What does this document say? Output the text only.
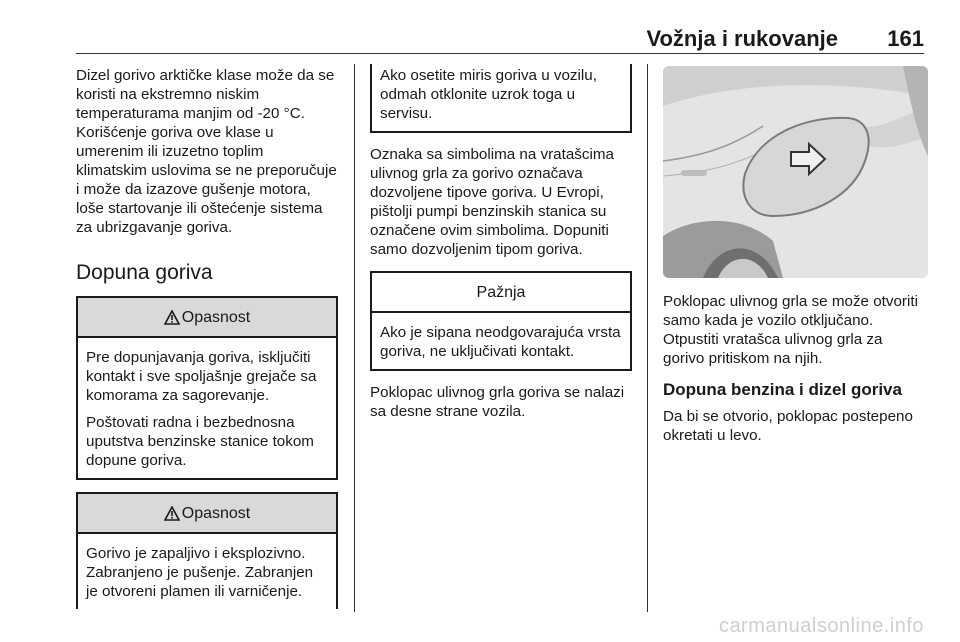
Vožnja i rukovanje 161

Dizel gorivo arktičke klase može da se koristi na ekstremno niskim temperaturama manjim od -20 °C. Korišćenje goriva ove klase u umerenim ili izuzetno toplim klimatskim uslovima se ne preporučuje i može da izazove gušenje motora, loše startovanje ili oštećenje sistema za ubrizgavanje goriva.

Dopuna goriva
Opasnost

Pre dopunjavanja goriva, isključiti kontakt i sve spoljašnje grejače sa komorama za sagorevanje.

Poštovati radna i bezbednosna uputstva benzinske stanice tokom dopune goriva.

Opasnost

Gorivo je zapaljivo i eksplozivno. Zabranjeno je pušenje. Zabranjen je otvoreni plamen ili varničenje.

Ako osetite miris goriva u vozilu, odmah otklonite uzrok toga u servisu.

Oznaka sa simbolima na vratašcima ulivnog grla za gorivo označava dozvoljene tipove goriva. U Evropi, pištolji pumpi benzinskih stanica su označene ovim simbolima. Dopuniti samo dozvoljenim tipom goriva.

Pažnja

Ako je sipana neodgovarajuća vrsta goriva, ne uključivati kontakt.

Poklopac ulivnog grla goriva se nalazi sa desne strane vozila.

Poklopac ulivnog grla se može otvoriti samo kada je vozilo otključano. Otpustiti vratašca ulivnog grla za gorivo pritiskom na njih.

Dopuna benzina i dizel goriva

Da bi se otvorio, poklopac postepeno okretati u levo.

carmanualsonline.info
